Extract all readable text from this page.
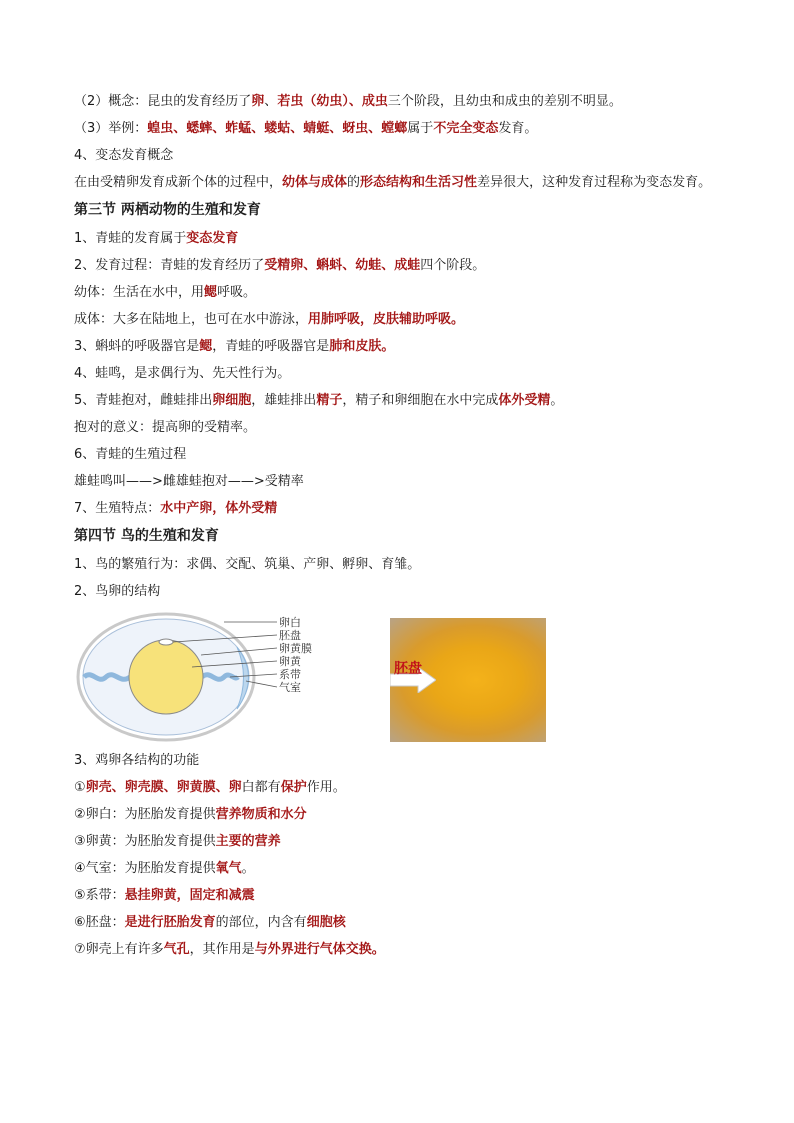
（2）概念：昆虫的发育经历了卵、若虫（幼虫）、成虫三个阶段，且幼虫和成虫的差别不明显。
（3）举例：蝗虫、蟋蟀、蚱蜢、蝼蛄、蜻蜓、蚜虫、螳螂属于不完全变态发育。
4、变态发育概念
在由受精卵发育成新个体的过程中，幼体与成体的形态结构和生活习性差异很大，这种发育过程称为变态发育。
第三节 两栖动物的生殖和发育
1、青蛙的发育属于变态发育
2、发育过程：青蛙的发育经历了受精卵、蝌蚪、幼蛙、成蛙四个阶段。
幼体：生活在水中，用鳃呼吸。
成体：大多在陆地上，也可在水中游泳，用肺呼吸，皮肤辅助呼吸。
3、蝌蚪的呼吸器官是鳃，青蛙的呼吸器官是肺和皮肤。
4、蛙鸣，是求偶行为、先天性行为。
5、青蛙抱对，雌蛙排出卵细胞，雄蛙排出精子，精子和卵细胞在水中完成体外受精。
抱对的意义：提高卵的受精率。
6、青蛙的生殖过程
雄蛙鸣叫——>雌雄蛙抱对——>受精率
7、生殖特点：水中产卵，体外受精
第四节 鸟的生殖和发育
1、鸟的繁殖行为：求偶、交配、筑巢、产卵、孵卵、育雏。
2、鸟卵的结构
卵白
胚盘
卵黄膜
卵黄
系带
气室
胚盘
3、鸡卵各结构的功能
①卵壳、卵壳膜、卵黄膜、卵白都有保护作用。
②卵白：为胚胎发育提供营养物质和水分
③卵黄：为胚胎发育提供主要的营养
④气室：为胚胎发育提供氧气。
⑤系带：悬挂卵黄，固定和减震
⑥胚盘：是进行胚胎发育的部位，内含有细胞核
⑦卵壳上有许多气孔，其作用是与外界进行气体交换。
